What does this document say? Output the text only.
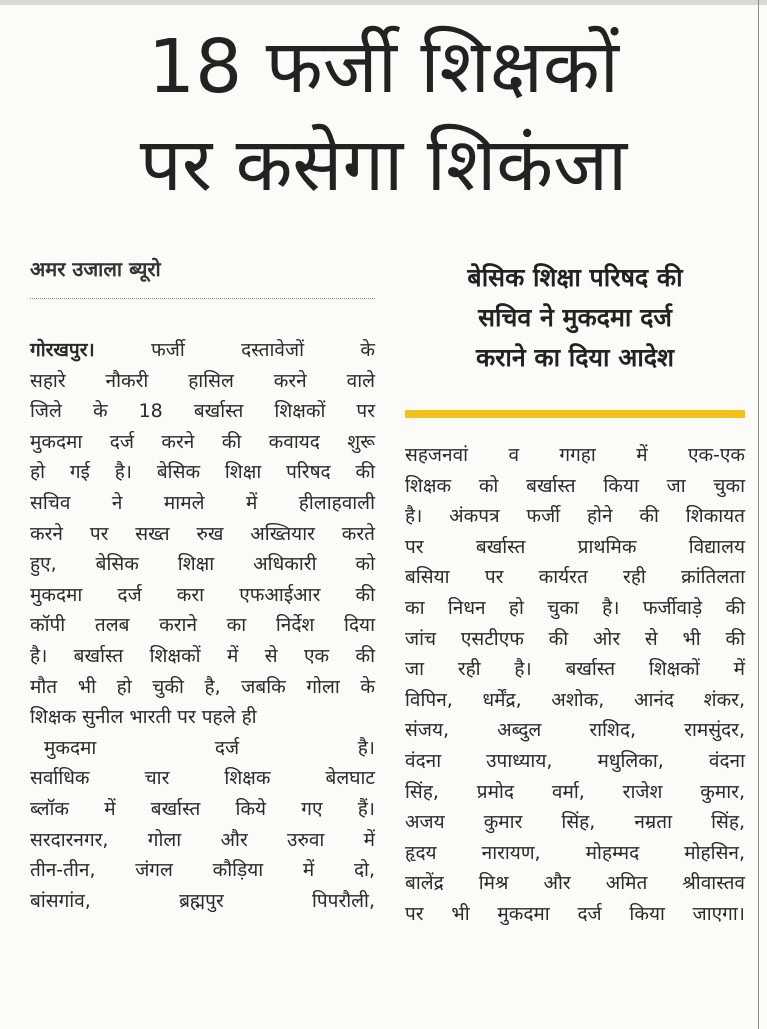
18 फर्जी शिक्षकों
पर कसेगा शिकंजा
अमर उजाला ब्यूरो	बेसिक शिक्षा परिषद की
सचिव ने मुकदमा दर्ज
कराने का दिया आदेश
गोरखपुर।	फर्जी दस्तावेजों के
सहारे नौकरी हासिल करने वाले
जिले के 18 बर्खास्त शिक्षकों पर
मुकदमा दर्ज करने की कवायद शुरू
हो गई है। बेसिक शिक्षा परिषद की
सचिव ने मामले में हीलाहवाली
करने पर सख्त रुख अख्तियार करते
हुए, बेसिक शिक्षा अधिकारी को
मुकदमा दर्ज करा एफआईआर की
कॉपी तलब कराने का निर्देश दिया
है। बर्खास्त शिक्षकों में से एक की
मौत भी हो चुकी है, जबकि गोला के
शिक्षक सुनील भारती पर पहले ही
मुकदमा दर्ज है।
सर्वाधिक चार शिक्षक बेलघाट
ब्लॉक में बर्खास्त किये गए हैं।
सरदारनगर, गोला और उरुवा में
तीन-तीन, जंगल कौड़िया में दो,
बांसगांव, ब्रह्मपुर पिपरौली,
सहजनवां व गगहा में एक-एक
शिक्षक को बर्खास्त किया जा चुका
है। अंकपत्र फर्जी होने की शिकायत
पर बर्खास्त प्राथमिक विद्यालय
बसिया पर कार्यरत रही क्रांतिलता
का निधन हो चुका है। फर्जीवाड़े की
जांच एसटीएफ की ओर से भी की
जा रही है। बर्खास्त शिक्षकों में
विपिन, धर्मेंद्र, अशोक, आनंद शंकर,
संजय, अब्दुल राशिद, रामसुंदर,
वंदना उपाध्याय, मधुलिका, वंदना
सिंह, प्रमोद वर्मा, राजेश कुमार,
अजय कुमार सिंह, नम्रता सिंह,
हृदय नारायण, मोहम्मद मोहसिन,
बालेंद्र मिश्र और अमित श्रीवास्तव
पर भी मुकदमा दर्ज किया जाएगा।
